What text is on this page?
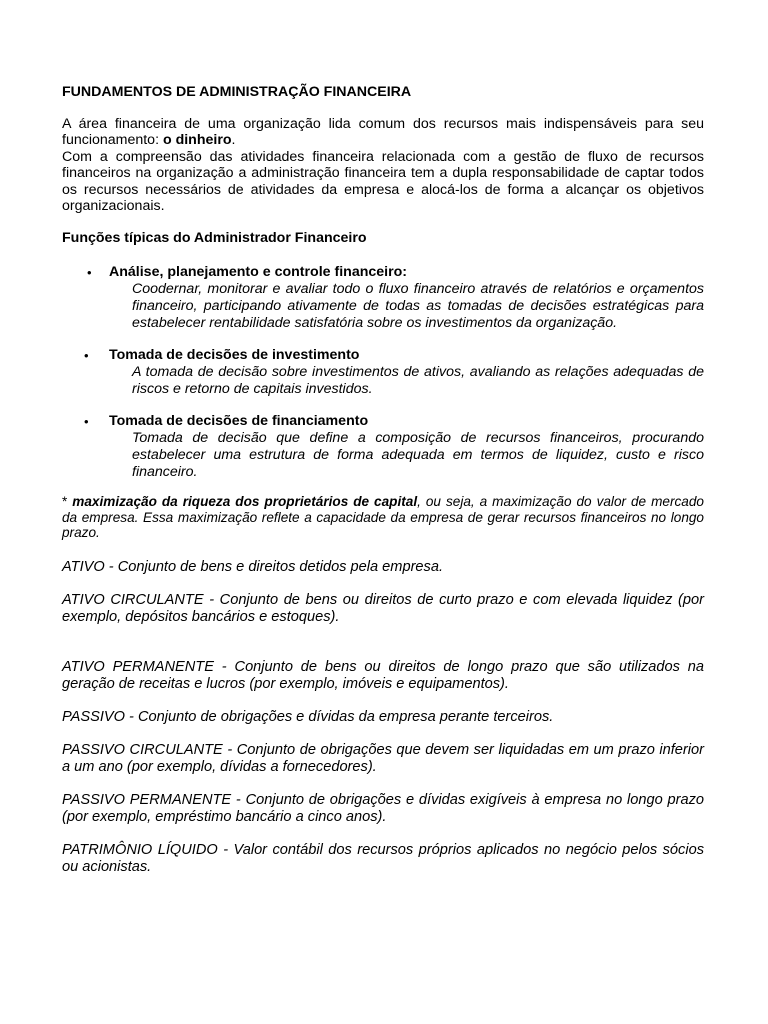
FUNDAMENTOS DE ADMINISTRAÇÃO FINANCEIRA

A área financeira de uma organização lida comum dos recursos mais indispensáveis para seu funcionamento: o dinheiro.

Com a compreensão das atividades financeira relacionada com a gestão de fluxo de recursos financeiros na organização a administração financeira tem a dupla responsabilidade de captar todos os recursos necessários de atividades da empresa e alocá-los de forma a alcançar os objetivos organizacionais.

Funções típicas do Administrador Financeiro
• Análise, planejamento e controle financeiro:
Coodernar, monitorar e avaliar todo o fluxo financeiro através de relatórios e orçamentos financeiro, participando ativamente de todas as tomadas de decisões estratégicas para estabelecer rentabilidade satisfatória sobre os investimentos da organização.
• Tomada de decisões de investimento
A tomada de decisão sobre investimentos de ativos, avaliando as relações adequadas de riscos e retorno de capitais investidos.
• Tomada de decisões de financiamento
Tomada de decisão que define a composição de recursos financeiros, procurando estabelecer uma estrutura de forma adequada em termos de liquidez, custo e risco financeiro.

* maximização da riqueza dos proprietários de capital, ou seja, a maximização do valor de mercado da empresa. Essa maximização reflete a capacidade da empresa de gerar recursos financeiros no longo prazo.

ATIVO - Conjunto de bens e direitos detidos pela empresa.

ATIVO CIRCULANTE - Conjunto de bens ou direitos de curto prazo e com elevada liquidez (por exemplo, depósitos bancários e estoques).

ATIVO PERMANENTE - Conjunto de bens ou direitos de longo prazo que são utilizados na geração de receitas e lucros (por exemplo, imóveis e equipamentos).

PASSIVO - Conjunto de obrigações e dívidas da empresa perante terceiros.

PASSIVO CIRCULANTE - Conjunto de obrigações que devem ser liquidadas em um prazo inferior a um ano (por exemplo, dívidas a fornecedores).

PASSIVO PERMANENTE - Conjunto de obrigações e dívidas exigíveis à empresa no longo prazo (por exemplo, empréstimo bancário a cinco anos).

PATRIMÔNIO LÍQUIDO - Valor contábil dos recursos próprios aplicados no negócio pelos sócios ou acionistas.
